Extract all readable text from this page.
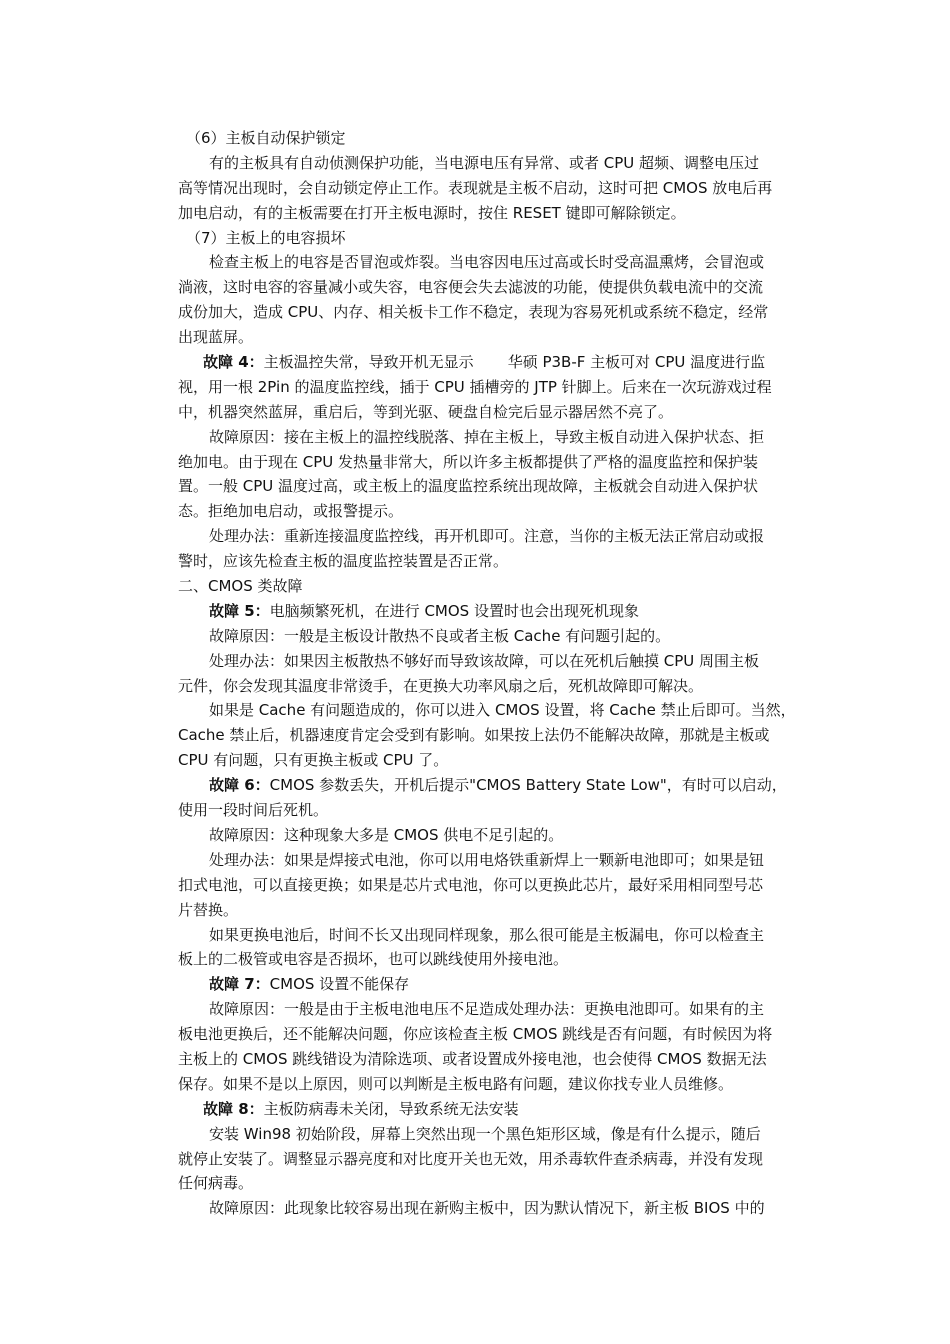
（6）主板自动保护锁定
有的主板具有自动侦测保护功能，当电源电压有异常、或者 CPU 超频、调整电压过
高等情况出现时，会自动锁定停止工作。表现就是主板不启动，这时可把 CMOS 放电后再
加电启动，有的主板需要在打开主板电源时，按住 RESET 键即可解除锁定。
（7）主板上的电容损坏
检查主板上的电容是否冒泡或炸裂。当电容因电压过高或长时受高温熏烤，会冒泡或
淌液，这时电容的容量减小或失容，电容便会失去滤波的功能，使提供负载电流中的交流
成份加大，造成 CPU、内存、相关板卡工作不稳定，表现为容易死机或系统不稳定，经常
出现蓝屏。
故障 4：主板温控失常，导致开机无显示 华硕 P3B-F 主板可对 CPU 温度进行监
视，用一根 2Pin 的温度监控线，插于 CPU 插槽旁的 JTP 针脚上。后来在一次玩游戏过程
中，机器突然蓝屏，重启后，等到光驱、硬盘自检完后显示器居然不亮了。
故障原因：接在主板上的温控线脱落、掉在主板上，导致主板自动进入保护状态、拒
绝加电。由于现在 CPU 发热量非常大，所以许多主板都提供了严格的温度监控和保护装
置。一般 CPU 温度过高，或主板上的温度监控系统出现故障，主板就会自动进入保护状
态。拒绝加电启动，或报警提示。
处理办法：重新连接温度监控线，再开机即可。注意，当你的主板无法正常启动或报
警时，应该先检查主板的温度监控装置是否正常。
二、CMOS 类故障
故障 5：电脑频繁死机，在进行 CMOS 设置时也会出现死机现象
故障原因：一般是主板设计散热不良或者主板 Cache 有问题引起的。
处理办法：如果因主板散热不够好而导致该故障，可以在死机后触摸 CPU 周围主板
元件，你会发现其温度非常烫手，在更换大功率风扇之后，死机故障即可解决。
如果是 Cache 有问题造成的，你可以进入 CMOS 设置，将 Cache 禁止后即可。当然，
Cache 禁止后，机器速度肯定会受到有影响。如果按上法仍不能解决故障，那就是主板或
CPU 有问题，只有更换主板或 CPU 了。
故障 6：CMOS 参数丢失，开机后提示"CMOS Battery State Low"，有时可以启动，
使用一段时间后死机。
故障原因：这种现象大多是 CMOS 供电不足引起的。
处理办法：如果是焊接式电池，你可以用电烙铁重新焊上一颗新电池即可；如果是钮
扣式电池，可以直接更换；如果是芯片式电池，你可以更换此芯片，最好采用相同型号芯
片替换。
如果更换电池后，时间不长又出现同样现象，那么很可能是主板漏电，你可以检查主
板上的二极管或电容是否损坏，也可以跳线使用外接电池。
故障 7：CMOS 设置不能保存
故障原因：一般是由于主板电池电压不足造成处理办法：更换电池即可。如果有的主
板电池更换后，还不能解决问题，你应该检查主板 CMOS 跳线是否有问题，有时候因为将
主板上的 CMOS 跳线错设为清除选项、或者设置成外接电池，也会使得 CMOS 数据无法
保存。如果不是以上原因，则可以判断是主板电路有问题，建议你找专业人员维修。
故障 8：主板防病毒未关闭，导致系统无法安装
安装 Win98 初始阶段，屏幕上突然出现一个黑色矩形区域，像是有什么提示，随后
就停止安装了。调整显示器亮度和对比度开关也无效，用杀毒软件查杀病毒，并没有发现
任何病毒。
故障原因：此现象比较容易出现在新购主板中，因为默认情况下，新主板 BIOS 中的
